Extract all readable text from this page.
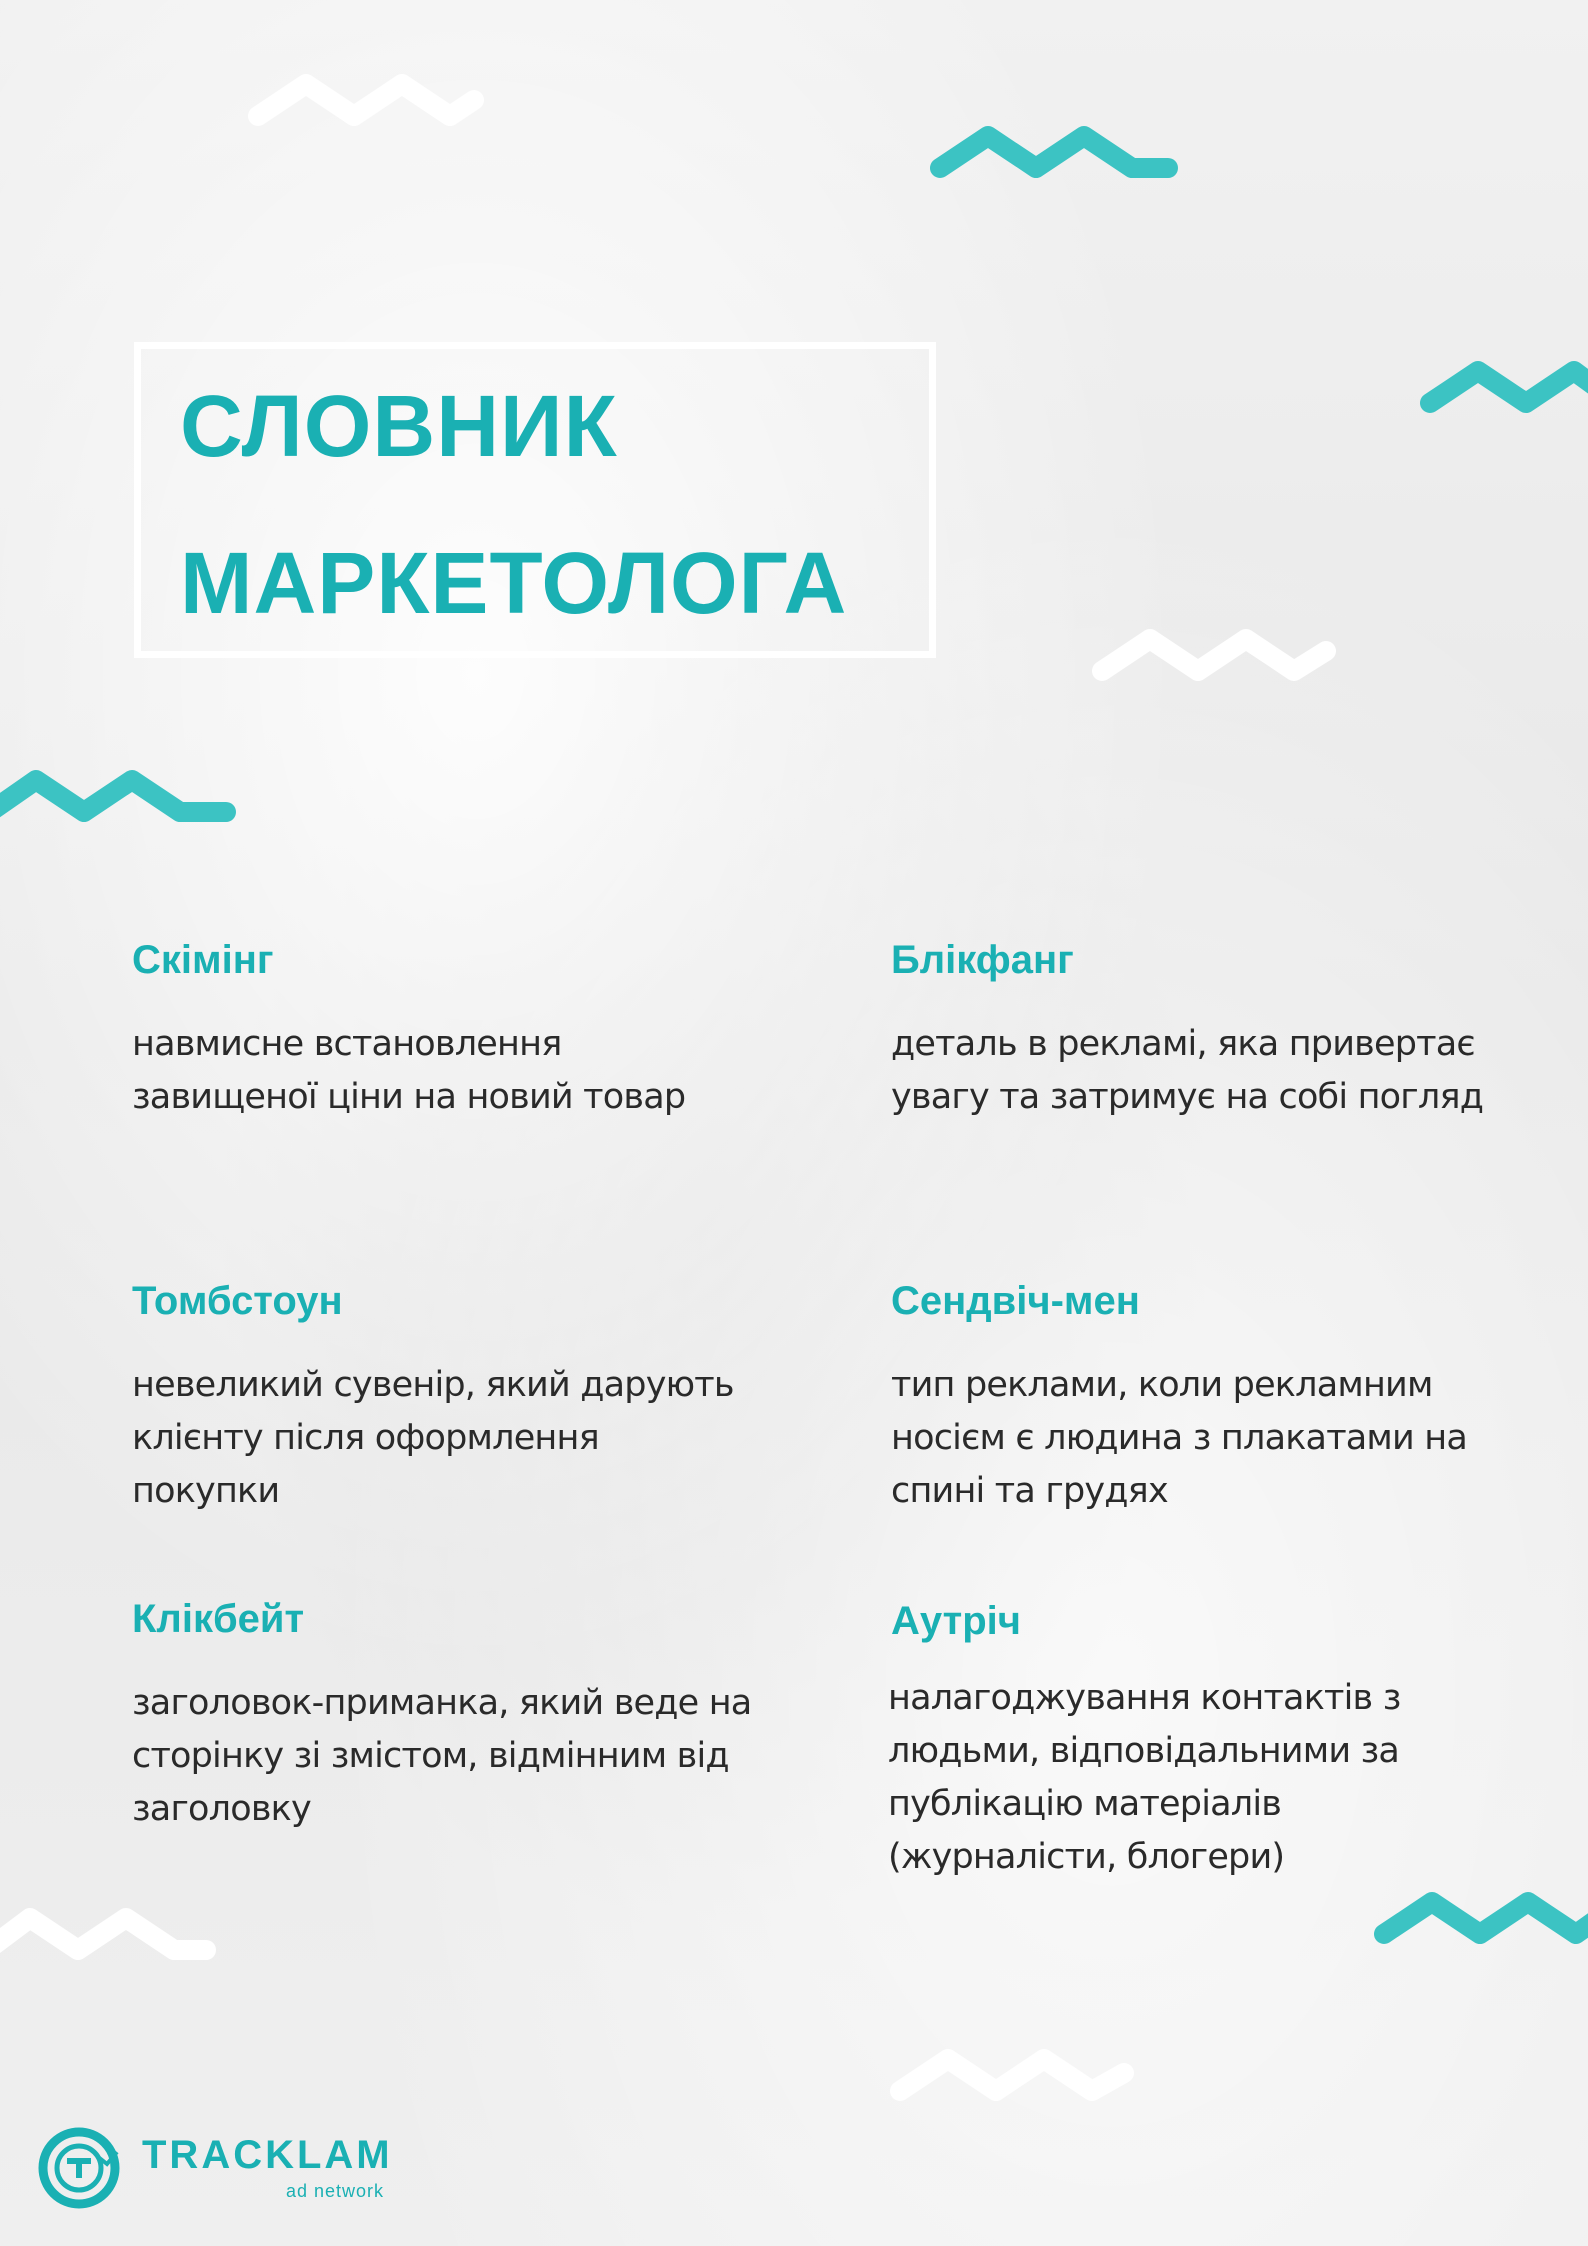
СЛОВНИК
МАРКЕТОЛОГА
Скімінг
навмисне встановлення
завищеної ціни на новий товар
Блікфанг
деталь в рекламі, яка привертає
увагу та затримує на собі погляд
Томбстоун
невеликий сувенір, який дарують
клієнту після оформлення покупки
Сендвіч-мен
тип реклами, коли рекламним
носієм є людина з плакатами на
спині та грудях
Клікбейт
заголовок-приманка, який веде на
сторінку зі змістом, відмінним від
заголовку
Аутріч
налагоджування контактів з
людьми, відповідальними за
публікацію матеріалів
(журналісти, блогери)
TRACKLAM
ad network
